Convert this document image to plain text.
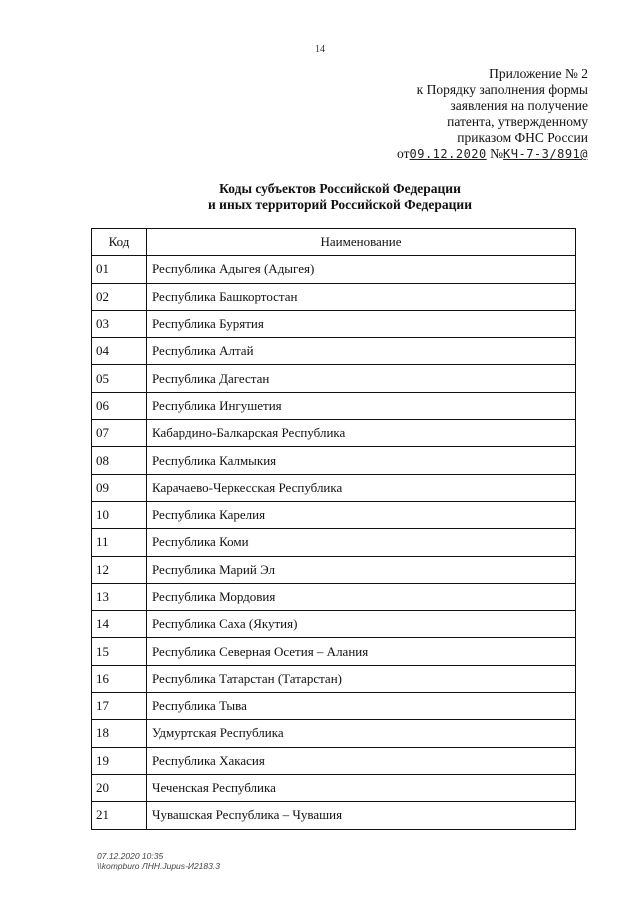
14
Приложение № 2
к Порядку заполнения формы
заявления на получение
патента, утвержденному
приказом ФНС России
от09.12.2020 №КЧ-7-3/891@
Коды субъектов Российской Федерации
и иных территорий Российской Федерации
Код	Наименование
01	Республика Адыгея (Адыгея)
02	Республика Башкортостан
03	Республика Бурятия
04	Республика Алтай
05	Республика Дагестан
06	Республика Ингушетия
07	Кабардино-Балкарская Республика
08	Республика Калмыкия
09	Карачаево-Черкесская Республика
10	Республика Карелия
11	Республика Коми
12	Республика Марий Эл
13	Республика Мордовия
14	Республика Саха (Якутия)
15	Республика Северная Осетия – Алания
16	Республика Татарстан (Татарстан)
17	Республика Тыва
18	Удмуртская Республика
19	Республика Хакасия
20	Чеченская Республика
21	Чувашская Республика – Чувашия
07.12.2020 10:35
\\kompburo ЛНН.Jupus-И2183.3
